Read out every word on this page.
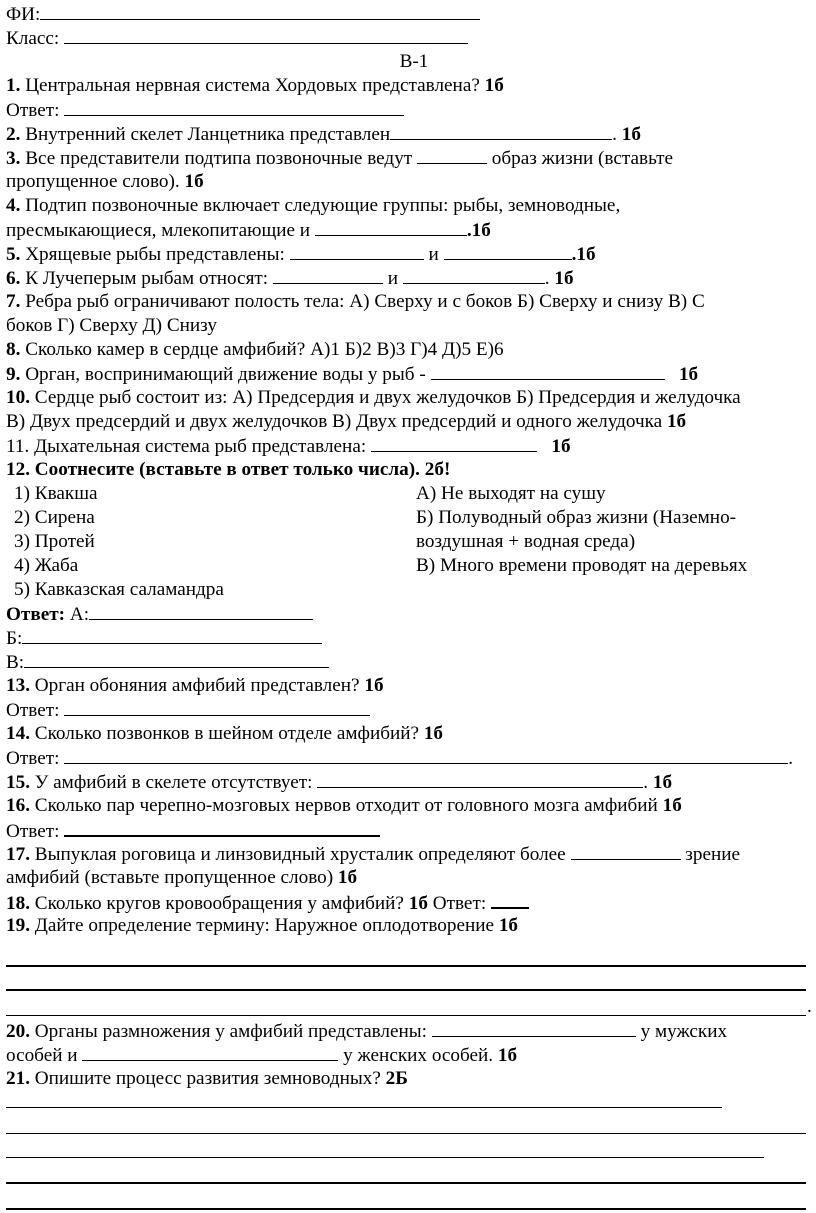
ФИ:
Класс:
В-1
1. Центральная нервная система Хордовых представлена? 1б
Ответ:
2. Внутренний скелет Ланцетника представлен	. 1б
3. Все представители подтипа позвоночные ведут	образ жизни (вставьте
пропущенное слово). 1б
4. Подтип позвоночные включает следующие группы: рыбы, земноводные,
пресмыкающиеся, млекопитающие и	.1б
5. Хрящевые рыбы представлены:	и	.1б
6. К Лучеперым рыбам относят:	и	. 1б
7. Ребра рыб ограничивают полость тела: А) Сверху и с боков Б) Сверху и снизу В) С
боков Г) Сверху Д) Снизу
8. Сколько камер в сердце амфибий? А)1 Б)2 В)3 Г)4 Д)5 Е)6
9. Орган, воспринимающий движение воды у рыб -	1б
10. Сердце рыб состоит из: А) Предсердия и двух желудочков Б) Предсердия и желудочка
В) Двух предсердий и двух желудочков В) Двух предсердий и одного желудочка 1б
11. Дыхательная система рыб представлена:	1б
12. Соотнесите (вставьте в ответ только числа). 2б!
1) Квакша	А) Не выходят на сушу
2) Сирена	Б) Полуводный образ жизни (Наземно-
3) Протей	воздушная + водная среда)
4) Жаба	В) Много времени проводят на деревьях
5) Кавказская саламандра
Ответ: А:
Б:
В:
13. Орган обоняния амфибий представлен? 1б
Ответ:
14. Сколько позвонков в шейном отделе амфибий? 1б
Ответ:	.
15. У амфибий в скелете отсутствует:	. 1б
16. Сколько пар черепно-мозговых нервов отходит от головного мозга амфибий 1б
Ответ:
17. Выпуклая роговица и линзовидный хрусталик определяют более	зрение
амфибий (вставьте пропущенное слово) 1б
18. Сколько кругов кровообращения у амфибий? 1б Ответ:
19. Дайте определение термину: Наружное оплодотворение 1б
.
20. Органы размножения у амфибий представлены:	у мужских
особей и	у женских особей. 1б
21. Опишите процесс развития земноводных? 2Б
